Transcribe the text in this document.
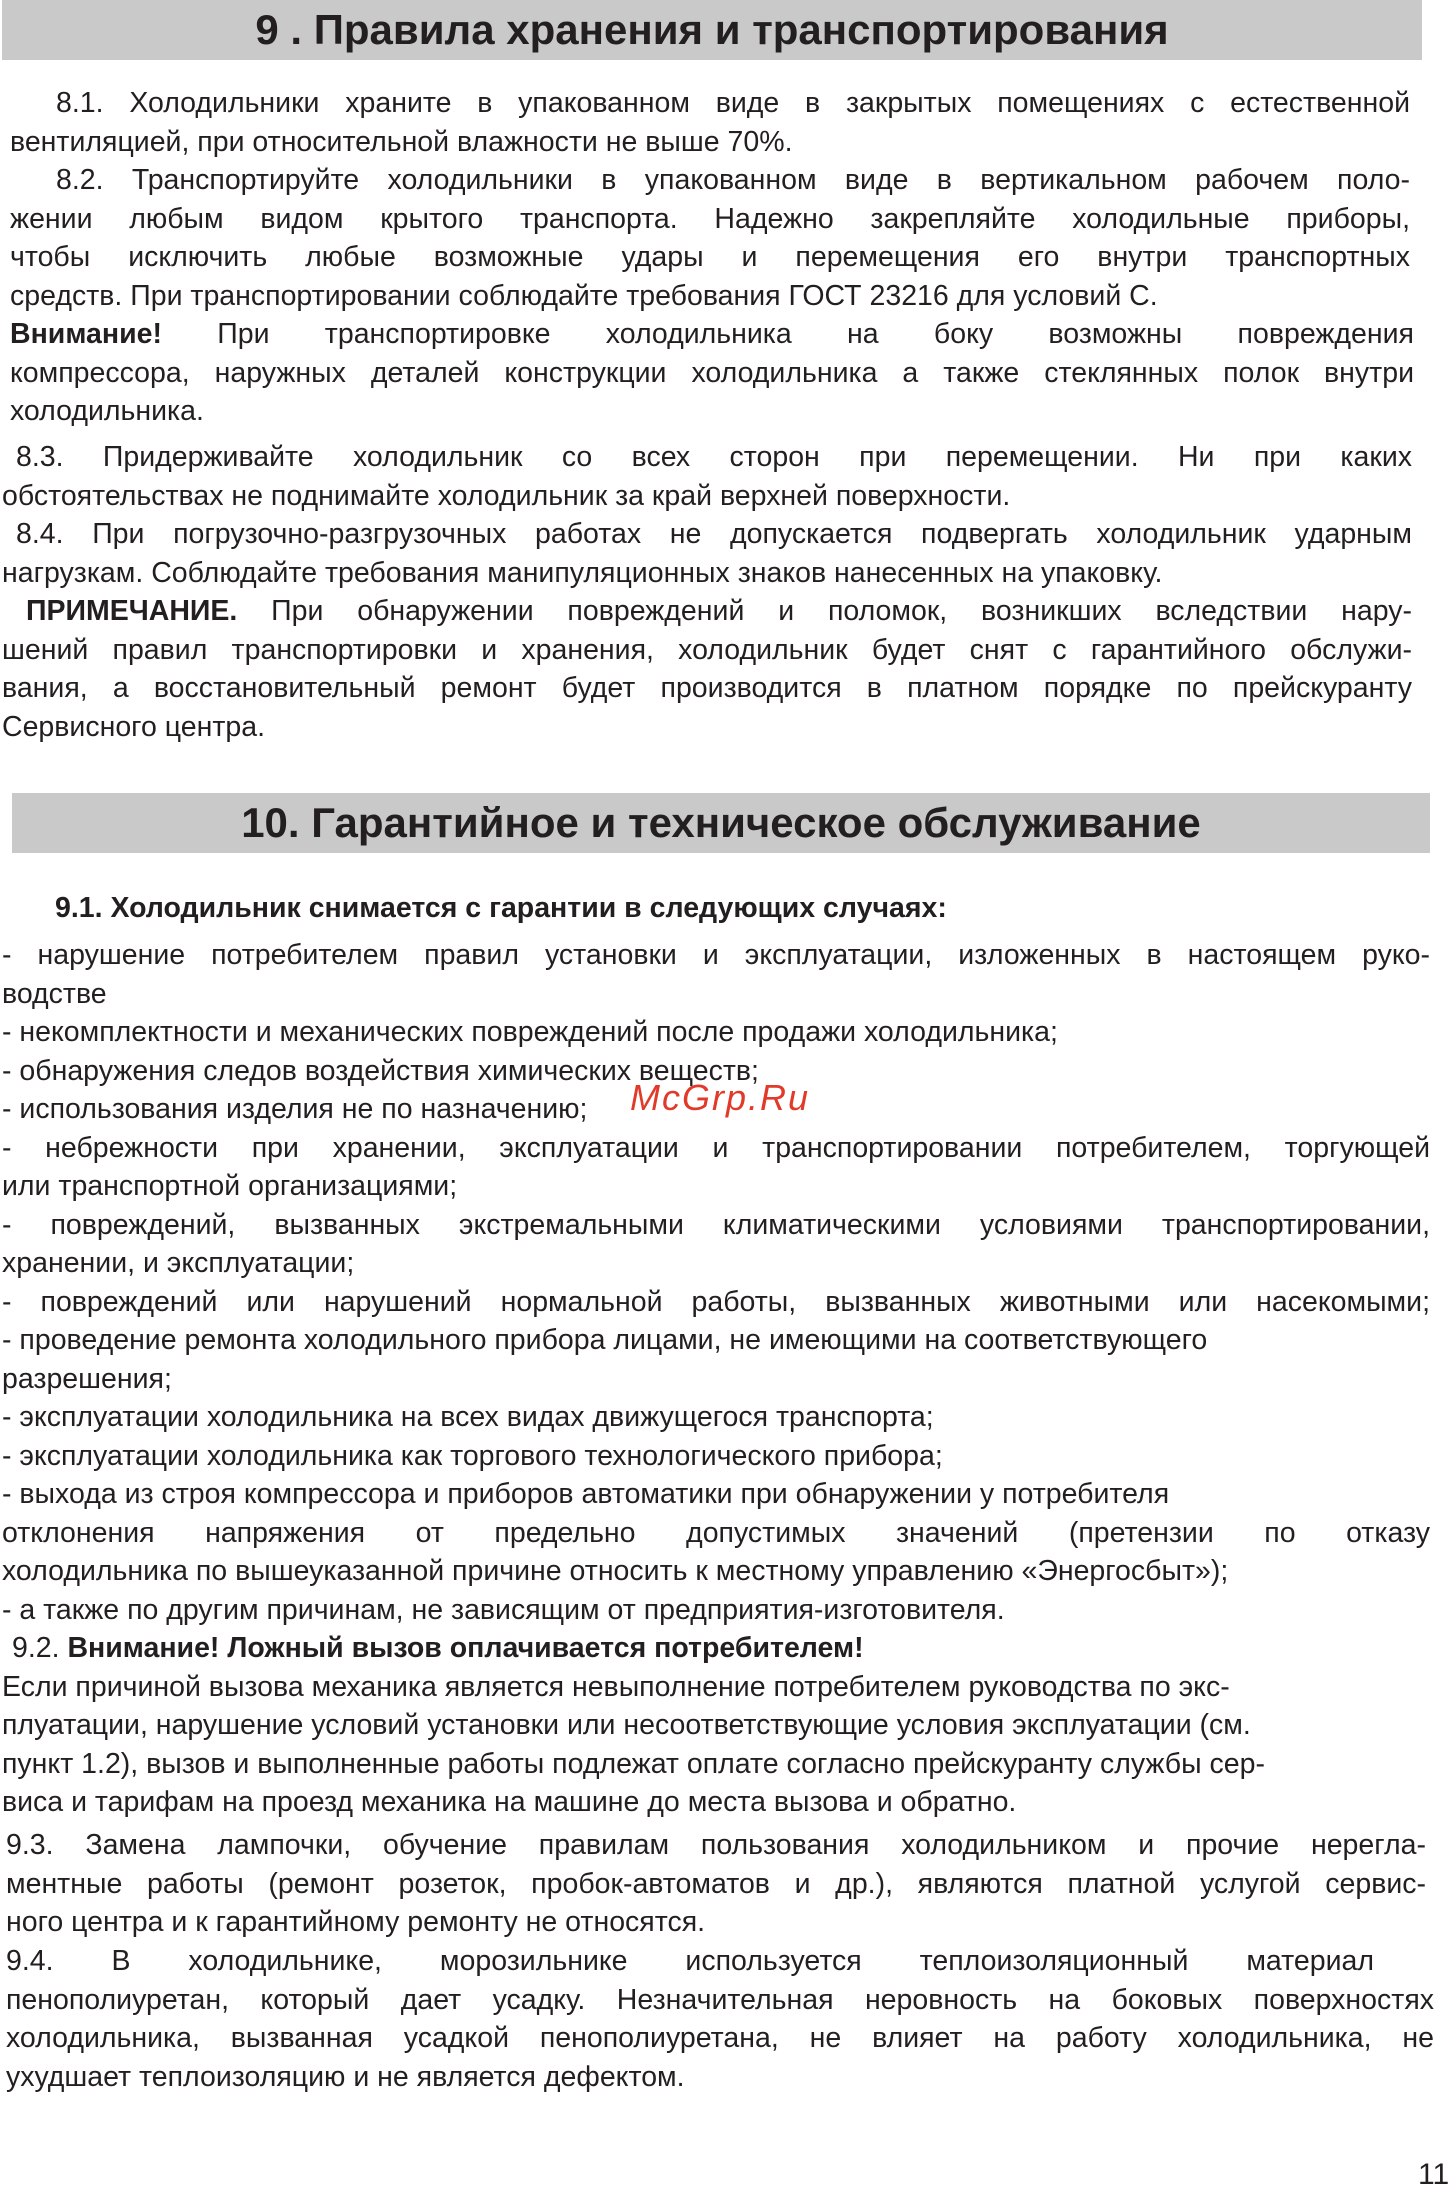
9 . Правила хранения и транспортирования
8.1. Холодильники храните в упакованном виде в закрытых помещениях с естественной
вентиляцией, при относительной влажности не выше 70%.
8.2. Транспортируйте холодильники в упакованном виде в вертикальном рабочем поло-
жении любым видом крытого транспорта. Надежно закрепляйте холодильные приборы,
чтобы исключить любые возможные удары и перемещения его внутри транспортных
средств. При транспортировании соблюдайте требования ГОСТ 23216 для условий С.
Внимание! При транспортировке холодильника на боку возможны повреждения
компрессора, наружных деталей конструкции холодильника а также стеклянных полок внутри
холодильника.
8.3. Придерживайте холодильник со всех сторон при перемещении. Ни при каких
обстоятельствах не поднимайте холодильник за край верхней поверхности.
8.4. При погрузочно-разгрузочных работах не допускается подвергать холодильник ударным
нагрузкам. Соблюдайте требования манипуляционных знаков нанесенных на упаковку.
ПРИМЕЧАНИЕ. При обнаружении повреждений и поломок, возникших вследствии нару-
шений правил транспортировки и хранения, холодильник будет снят с гарантийного обслужи-
вания, а восстановительный ремонт будет производится в платном порядке по прейскуранту
Сервисного центра.
10. Гарантийное и техническое обслуживание
9.1. Холодильник снимается с гарантии в следующих случаях:
- нарушение потребителем правил установки и эксплуатации, изложенных в настоящем руко-
водстве
- некомплектности и механических повреждений после продажи холодильника;
- обнаружения следов воздействия химических веществ;
- использования изделия не по назначению;
- небрежности при хранении, эксплуатации и транспортировании потребителем, торгующей
или транспортной организациями;
- повреждений, вызванных экстремальными климатическими условиями транспортировании,
хранении, и эксплуатации;
- повреждений или нарушений нормальной работы, вызванных животными или насекомыми;
- проведение ремонта холодильного прибора лицами, не имеющими на соответствующего
разрешения;
- эксплуатации холодильника на всех видах движущегося транспорта;
- эксплуатации холодильника как торгового технологического прибора;
- выхода из строя компрессора и приборов автоматики при обнаружении у потребителя
отклонения напряжения от предельно допустимых значений (претензии по отказу
холодильника по вышеуказанной причине относить к местному управлению «Энергосбыт»);
- а также по другим причинам, не зависящим от предприятия-изготовителя.
9.2. Внимание! Ложный вызов оплачивается потребителем!
Если причиной вызова механика является невыполнение потребителем руководства по экс-
плуатации, нарушение условий установки или несоответствующие условия эксплуатации (см.
пункт 1.2), вызов и выполненные работы подлежат оплате согласно прейскуранту службы сер-
виса и тарифам на проезд механика на машине до места вызова и обратно.
9.3. Замена лампочки, обучение правилам пользования холодильником и прочие нерегла-
ментные работы (ремонт розеток, пробок-автоматов и др.), являются платной услугой сервис-
ного центра и к гарантийному ремонту не относятся.
9.4. В холодильнике, морозильнике используется теплоизоляционный материал
пенополиуретан, который дает усадку. Незначительная неровность на боковых поверхностях
холодильника, вызванная усадкой пенополиуретана, не влияет на работу холодильника, не
ухудшает теплоизоляцию и не является дефектом.
McGrp.Ru
11
